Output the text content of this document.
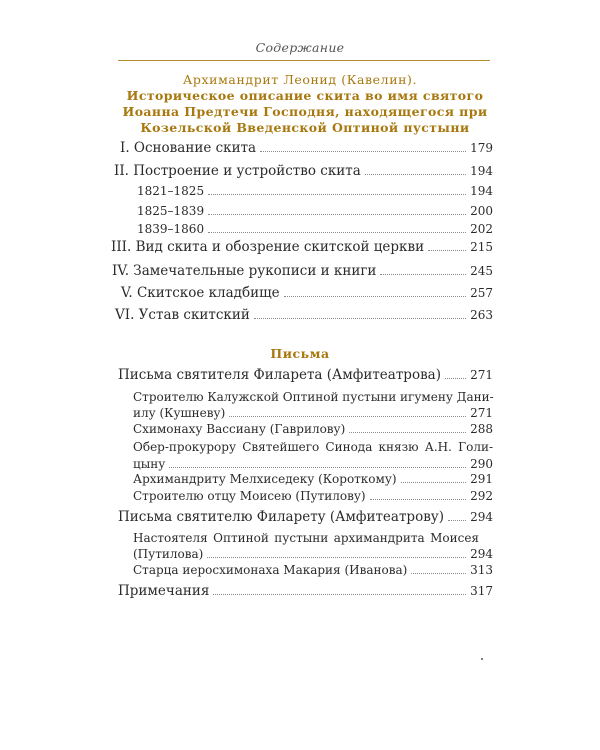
Содержание
Архимандрит Леонид (Кавелин).
Историческое описание скита во имя святого
Иоанна Предтечи Господня, находящегося при
Козельской Введенской Оптиной пустыни
I. Основание скита	179
II. Построение и устройство скита	194
1821–1825	194
1825–1839	200
1839–1860	202
III. Вид скита и обозрение скитской церкви	215
IV. Замечательные рукописи и книги	245
V. Скитское кладбище	257
VI. Устав скитский	263
Письма
Письма святителя Филарета (Амфитеатрова) 271
Строителю Калужской Оптиной пустыни игумену Дани-
илу (Кушневу)	271
Схимонаху Вассиану (Гаврилову)	288
Обер-прокурору Святейшего Синода князю А.Н. Голи-
цыну	290
Архимандриту Мелхиседеку (Короткому)	291
Строителю отцу Моисею (Путилову)	292
Письма святителю Филарету (Амфитеатрову) 294
Настоятеля Оптиной пустыни архимандрита Моисея
(Путилова)	294
Старца иеросхимонаха Макария (Иванова)	313
Примечания	317
